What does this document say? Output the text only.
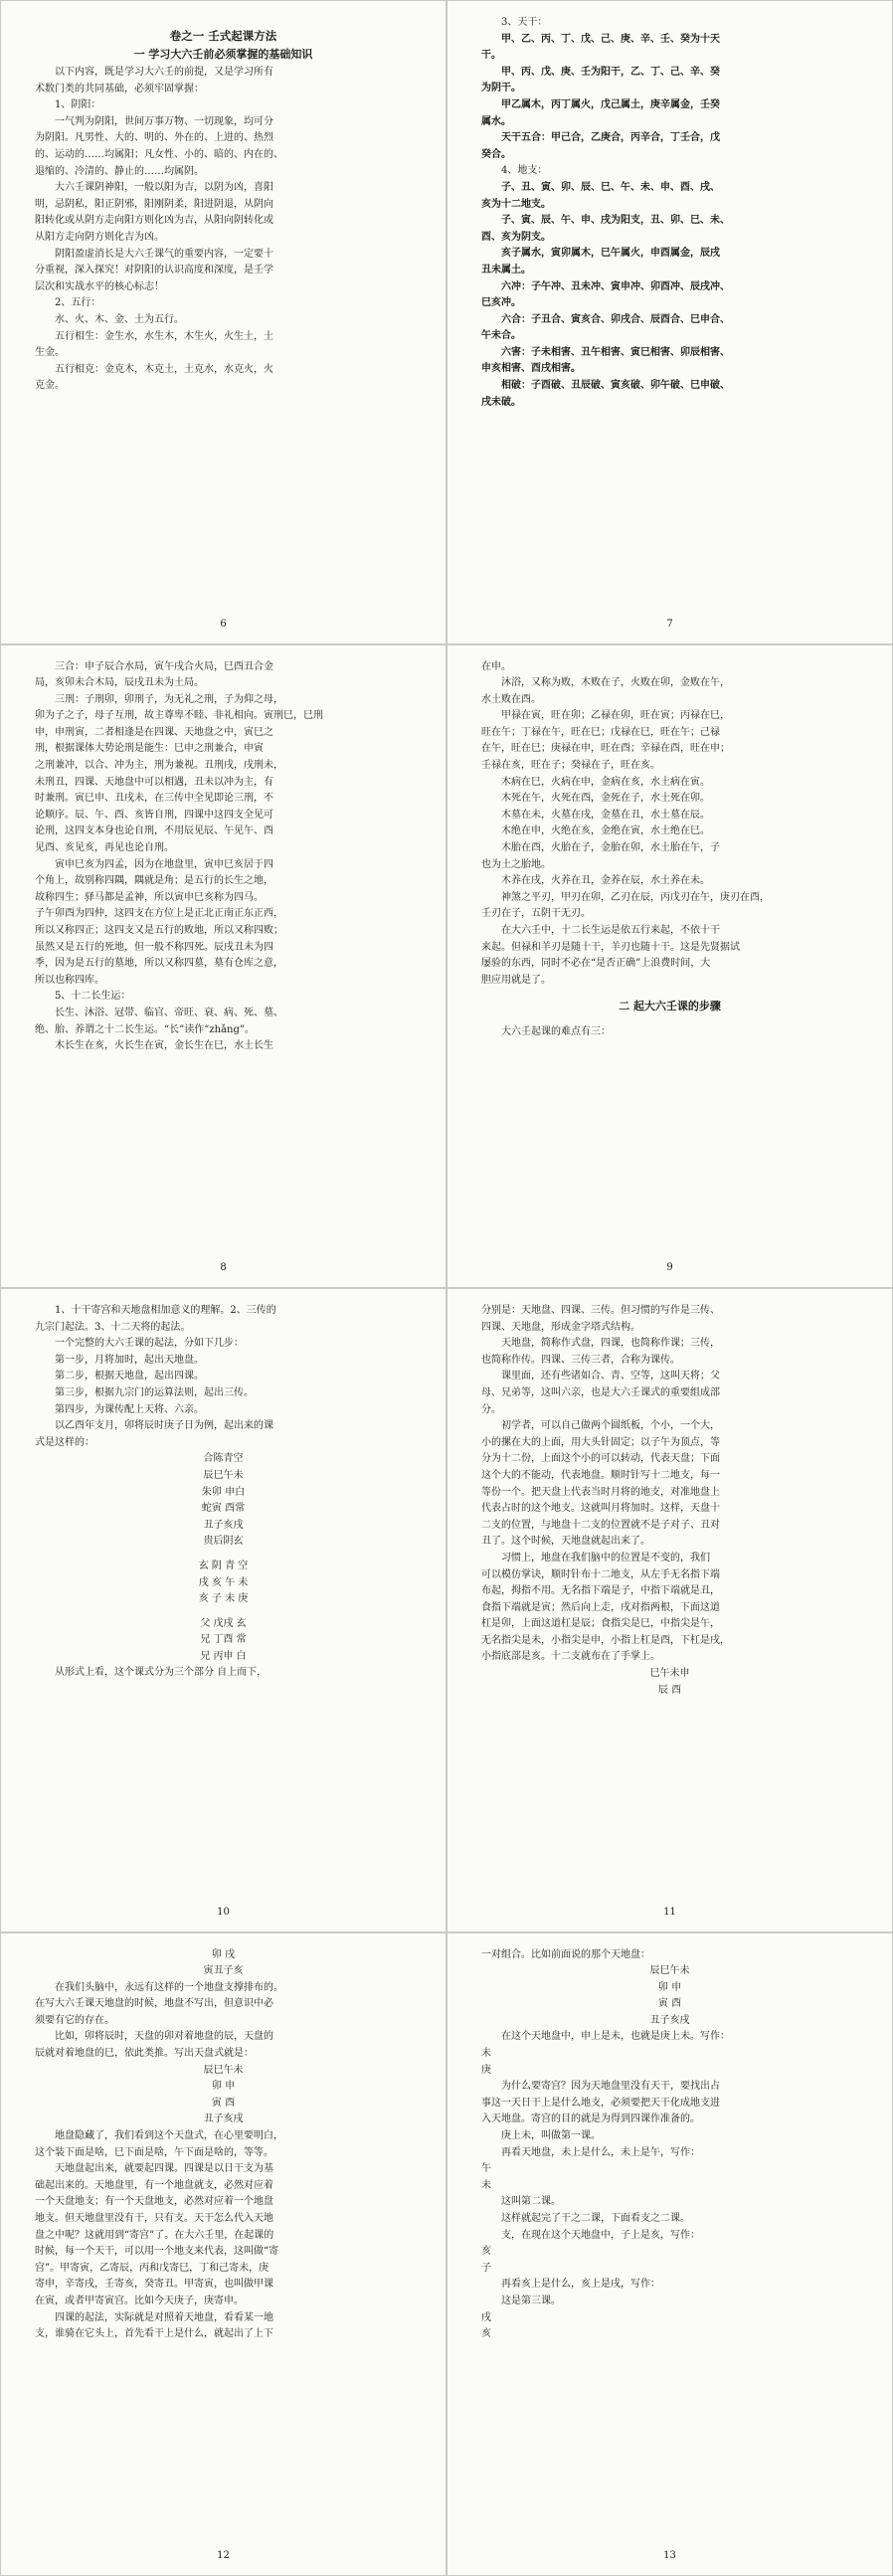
卷之一 壬式起课方法
一 学习大六壬前必须掌握的基础知识
以下内容，既是学习大六壬的前提，又是学习所有
术数门类的共同基础，必须牢固掌握：
1、阴阳：
一气判为阴阳，世间万事万物、一切现象，均可分
为阴阳。凡男性、大的、明的、外在的、上进的、热烈
的、运动的……均属阳；凡女性、小的、暗的、内在的、
退缩的、冷清的、静止的……均属阴。
大六壬课阴神阳，一般以阳为吉，以阴为凶，喜阳
明，忌阴私，阳正阴邪，阳刚阴柔，阳进阴退，从阴向
阳转化或从阴方走向阳方则化凶为吉，从阳向阴转化或
从阳方走向阴方则化吉为凶。
阴阳盈虚消长是大六壬课气的重要内容，一定要十
分重视，深入探究！对阴阳的认识高度和深度，是壬学
层次和实战水平的核心标志！
2、五行：
水、火、木、金、土为五行。
五行相生：金生水，水生木，木生火，火生土，土
生金。
五行相克：金克木，木克土，土克水，水克火，火
克金。
6
3、天干：
甲、乙、丙、丁、戊、己、庚、辛、壬、癸为十天
干。
甲、丙、戊、庚、壬为阳干，乙、丁、己、辛、癸
为阴干。
甲乙属木，丙丁属火，戊己属土，庚辛属金，壬癸
属水。
天干五合：甲己合，乙庚合，丙辛合，丁壬合，戊
癸合。
4、地支：
子、丑、寅、卯、辰、巳、午、未、申、酉、戌、
亥为十二地支。
子、寅、辰、午、申、戌为阳支，丑、卯、巳、未、
酉、亥为阴支。
亥子属水，寅卯属木，巳午属火，申酉属金，辰戌
丑未属土。
六冲：子午冲、丑未冲、寅申冲、卯酉冲、辰戌冲、
巳亥冲。
六合：子丑合、寅亥合、卯戌合、辰酉合、巳申合、
午未合。
六害：子未相害、丑午相害、寅巳相害、卯辰相害、
申亥相害、酉戌相害。
相破：子酉破、丑辰破、寅亥破、卯午破、巳申破、
戌未破。
7
三合：申子辰合水局，寅午戌合火局，巳酉丑合金
局，亥卯未合木局，辰戌丑未为土局。
三刑：子刑卯，卯刑子，为无礼之刑，子为仰之母，
卯为子之子，母子互刑，故主尊卑不睦、非礼相向。寅刑巳，巳刑
申，申刑寅，二者相逢是在四课、天地盘之中，寅巳之
刑，根据课体大势论刑是能生：巳申之刑兼合，申寅
之刑兼冲，以合、冲为主，刑为兼视。丑刑戌，戌刑未，
未刑丑，四课、天地盘中可以相遇，丑未以冲为主，有
时兼刑。寅巳申、丑戌未，在三传中全见即论三刑，不
论顺序。辰、午、酉、亥皆自刑，四课中这四支全见可
论刑，这四支本身也论自刑，不用辰见辰、午见午、酉
见酉、亥见亥，再见也论自刑。
寅申巳亥为四孟，因为在地盘里，寅申巳亥居于四
个角上，故别称四隅，隅就是角；是五行的长生之地，
故称四生；驿马都是孟神，所以寅申巳亥称为四马。
子午卯酉为四仲，这四支在方位上是正北正南正东正西，
所以又称四正；这四支又是五行的败地，所以又称四败；
虽然又是五行的死地，但一般不称四死。辰戌丑未为四
季，因为是五行的墓地，所以又称四墓，墓有仓库之意，
所以也称四库。
5、十二长生运：
长生、沐浴、冠带、临官、帝旺、衰、病、死、墓、
绝、胎、养谓之十二长生运。“长”读作“zhǎng”。
木长生在亥，火长生在寅，金长生在巳，水土长生
8
在申。
沐浴，又称为败，木败在子，火败在卯，金败在午，
水土败在酉。
甲禄在寅，旺在卯；乙禄在卯，旺在寅；丙禄在巳，
旺在午；丁禄在午，旺在巳；戊禄在巳，旺在午；己禄
在午，旺在巳；庚禄在申，旺在酉；辛禄在酉，旺在申；
壬禄在亥，旺在子；癸禄在子，旺在亥。
木病在巳，火病在申，金病在亥，水土病在寅。
木死在午，火死在酉，金死在子，水土死在卯。
木墓在未，火墓在戌，金墓在丑，水土墓在辰。
木绝在申，火绝在亥，金绝在寅，水土绝在巳。
木胎在酉，火胎在子，金胎在卯，水土胎在午，子
也为土之胎地。
木养在戌，火养在丑，金养在辰，水土养在未。
神煞之平刃，甲刃在卯，乙刃在辰，丙戊刃在午，庚刃在酉，
壬刃在子，五阴干无刃。
在大六壬中，十二长生运是依五行来起，不依十干
来起。但禄和羊刃是随十干，羊刃也随十干。这是先贤据试
屡验的东西，同时不必在“是否正确”上浪费时间，大
胆应用就是了。
二 起大六壬课的步骤
大六壬起课的难点有三：
9
1、十干寄宫和天地盘相加意义的理解。2、三传的
九宗门起法。3、十二天将的起法。
一个完整的大六壬课的起法，分如下几步：
第一步，月将加时，起出天地盘。
第二步，根据天地盘，起出四课。
第三步，根据九宗门的运算法则，起出三传。
第四步，为课传配上天将、六亲。
以乙酉年支月，卯将辰时庚子日为例，起出来的课
式是这样的：
合陈青空
辰巳午未
朱卯 申白
蛇寅 酉常
丑子亥戌
贵后阴玄
玄 阴 青 空
戌 亥 午 未
亥 子 未 庚
父 戊戌 玄
兄 丁酉 常
兄 丙申 白
从形式上看，这个课式分为三个部分 自上而下，
10
分别是：天地盘、四课、三传。但习惯的写作是三传、
四课、天地盘，形成金字塔式结构。
天地盘，简称作式盘，四课，也简称作课；三传，
也简称作传。四课、三传三者，合称为课传。
课里面，还有些诸如合、青、空等，这叫天将；父
母、兄弟等，这叫六亲，也是大六壬课式的重要组成部
分。
初学者，可以自己做两个圆纸板，个小，一个大，
小的摞在大的上面，用大头针固定；以子午为顶点，等
分为十二份，上面这个小的可以转动，代表天盘；下面
这个大的不能动，代表地盘。顺时针写十二地支，每一
等份一个。把天盘上代表当时月将的地支，对准地盘上
代表占时的这个地支。这就叫月将加时。这样，天盘十
二支的位置，与地盘十二支的位置就不是子对子、丑对
丑了。这个时候，天地盘就起出来了。
习惯上，地盘在我们脑中的位置是不变的，我们
可以模仿掌诀，顺时针布十二地支，从左手无名指下端
布起，拇指不用。无名指下端是子，中指下端就是丑，
食指下端就是寅；然后向上走，戌对指两根，下面这道
杠是卯，上面这道杠是辰；食指尖是巳，中指尖是午，
无名指尖是未，小指尖是申，小指上杠是酉，下杠是戌，
小指底部是亥。十二支就布在了手掌上。
巳午未申
辰 酉
11
卯 戌
寅丑子亥
在我们头脑中，永远有这样的一个地盘支撑排布的。
在写大六壬课天地盘的时候，地盘不写出，但意识中必
须要有它的存在。
比如，卯将辰时，天盘的卯对着地盘的辰，天盘的
辰就对着地盘的巳，依此类推。写出天盘式就是：
辰巳午未
卯 申
寅 酉
丑子亥戌
地盘隐藏了，我们看到这个天盘式，在心里要明白，
这个装下面是啥，巳下面是啥，午下面是啥的，等等。
天地盘起出来，就要起四课。四课是以日干支为基
础起出来的。天地盘里，有一个地盘就支，必然对应着
一个天盘地支；有一个天盘地支，必然对应着一个地盘
地支。但天地盘里没有干，只有支。天干怎么代入天地
盘之中呢？这就用到“寄宫”了。在大六壬里，在起课的
时候，每一个天干，可以用一个地支来代表，这叫做“寄
宫”。甲寄寅，乙寄辰，丙和戊寄巳，丁和己寄未，庚
寄申，辛寄戌，壬寄亥，癸寄丑。甲寄寅，也叫做甲课
在寅，或者甲寄寅宫。比如今天庚子，庚寄申。
四课的起法，实际就是对照着天地盘，看看某一地
支，谁骑在它头上，首先看干上是什么，就起出了上下
12
一对组合。比如前面说的那个天地盘：
辰巳午未
卯 申
寅 酉
丑子亥戌
在这个天地盘中，申上是未，也就是庚上未。写作：
未
庚
为什么要寄宫？因为天地盘里没有天干，要找出占
事这一天日干上是什么地支，必须要把天干化成地支进
入天地盘。寄宫的目的就是为得到四课作准备的。
庚上未，叫做第一课。
再看天地盘，未上是什么，未上是午，写作：
午
未
这叫第二课。
这样就起完了干之二课，下面看支之二课。
支，在现在这个天地盘中，子上是亥，写作：
亥
子
再看亥上是什么，亥上是戌，写作：
这是第三课。
戌
亥
13
